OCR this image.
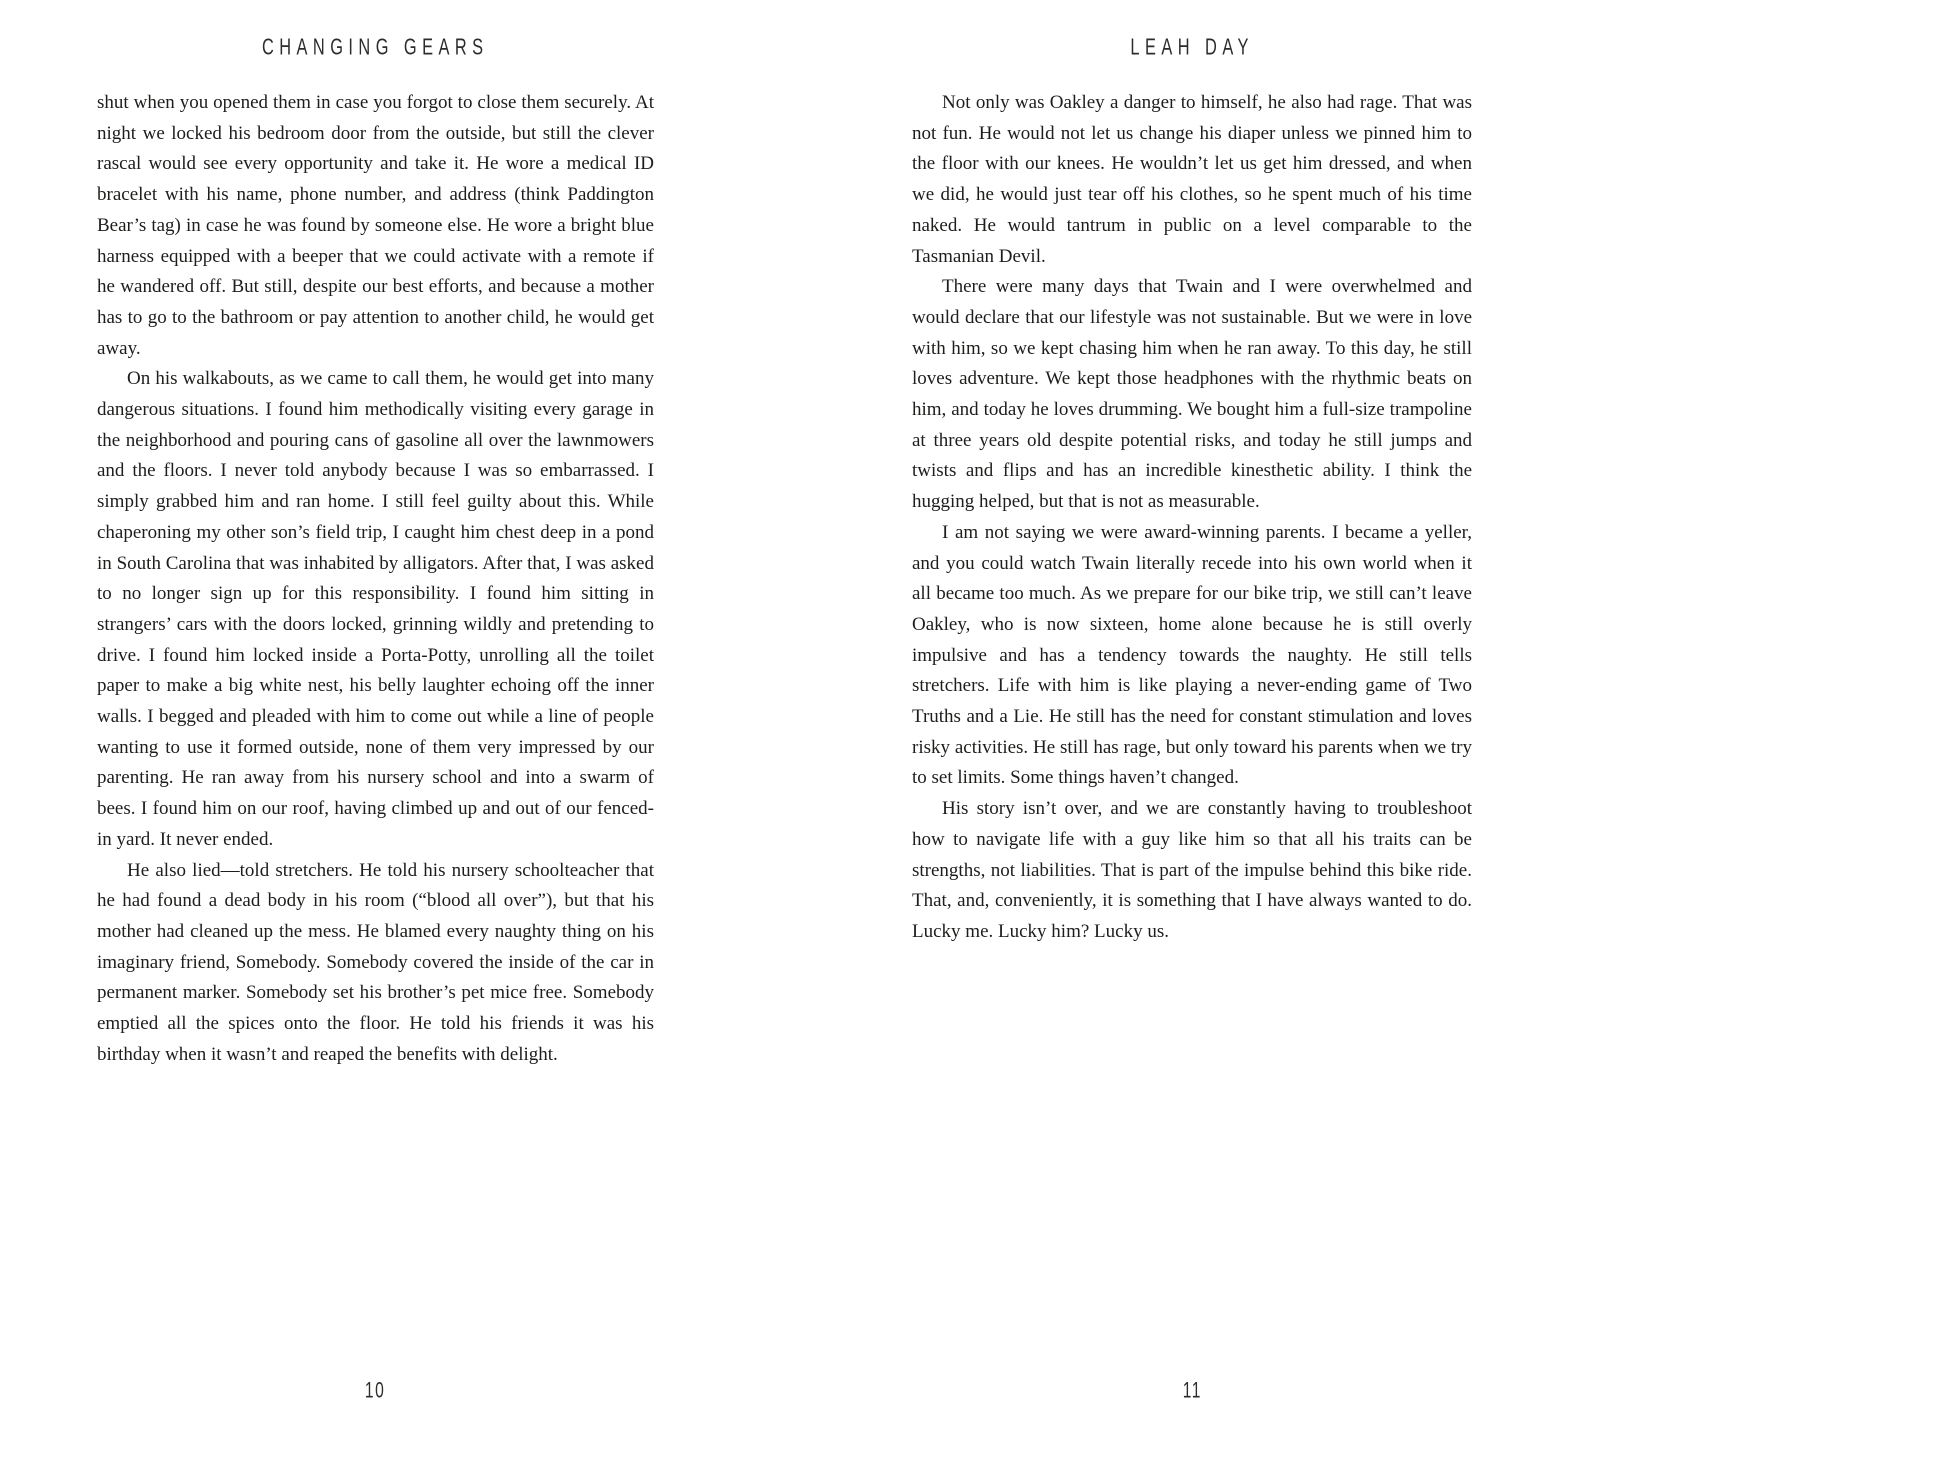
CHANGING GEARS

shut when you opened them in case you forgot to close them securely. At night we locked his bedroom door from the outside, but still the clever rascal would see every opportunity and take it. He wore a medical ID bracelet with his name, phone number, and address (think Paddington Bear’s tag) in case he was found by someone else. He wore a bright blue harness equipped with a beeper that we could activate with a remote if he wandered off. But still, despite our best efforts, and because a mother has to go to the bathroom or pay attention to another child, he would get away.

On his walkabouts, as we came to call them, he would get into many dangerous situations. I found him methodically visiting every garage in the neighborhood and pouring cans of gasoline all over the lawnmowers and the floors. I never told anybody because I was so embarrassed. I simply grabbed him and ran home. I still feel guilty about this. While chaperoning my other son’s field trip, I caught him chest deep in a pond in South Carolina that was inhabited by alligators. After that, I was asked to no longer sign up for this responsibility. I found him sitting in strangers’ cars with the doors locked, grinning wildly and pretending to drive. I found him locked inside a Porta-Potty, unrolling all the toilet paper to make a big white nest, his belly laughter echoing off the inner walls. I begged and pleaded with him to come out while a line of people wanting to use it formed outside, none of them very impressed by our parenting. He ran away from his nursery school and into a swarm of bees. I found him on our roof, having climbed up and out of our fenced-in yard. It never ended.

He also lied—told stretchers. He told his nursery schoolteacher that he had found a dead body in his room (“blood all over”), but that his mother had cleaned up the mess. He blamed every naughty thing on his imaginary friend, Somebody. Somebody covered the inside of the car in permanent marker. Somebody set his brother’s pet mice free. Somebody emptied all the spices onto the floor. He told his friends it was his birthday when it wasn’t and reaped the benefits with delight.

10
LEAH DAY

Not only was Oakley a danger to himself, he also had rage. That was not fun. He would not let us change his diaper unless we pinned him to the floor with our knees. He wouldn’t let us get him dressed, and when we did, he would just tear off his clothes, so he spent much of his time naked. He would tantrum in public on a level comparable to the Tasmanian Devil.

There were many days that Twain and I were overwhelmed and would declare that our lifestyle was not sustainable. But we were in love with him, so we kept chasing him when he ran away. To this day, he still loves adventure. We kept those headphones with the rhythmic beats on him, and today he loves drumming. We bought him a full-size trampoline at three years old despite potential risks, and today he still jumps and twists and flips and has an incredible kinesthetic ability. I think the hugging helped, but that is not as measurable.

I am not saying we were award-winning parents. I became a yeller, and you could watch Twain literally recede into his own world when it all became too much. As we prepare for our bike trip, we still can’t leave Oakley, who is now sixteen, home alone because he is still overly impulsive and has a tendency towards the naughty. He still tells stretchers. Life with him is like playing a never-ending game of Two Truths and a Lie. He still has the need for constant stimulation and loves risky activities. He still has rage, but only toward his parents when we try to set limits. Some things haven’t changed.

His story isn’t over, and we are constantly having to troubleshoot how to navigate life with a guy like him so that all his traits can be strengths, not liabilities. That is part of the impulse behind this bike ride. That, and, conveniently, it is something that I have always wanted to do. Lucky me. Lucky him? Lucky us.

11
